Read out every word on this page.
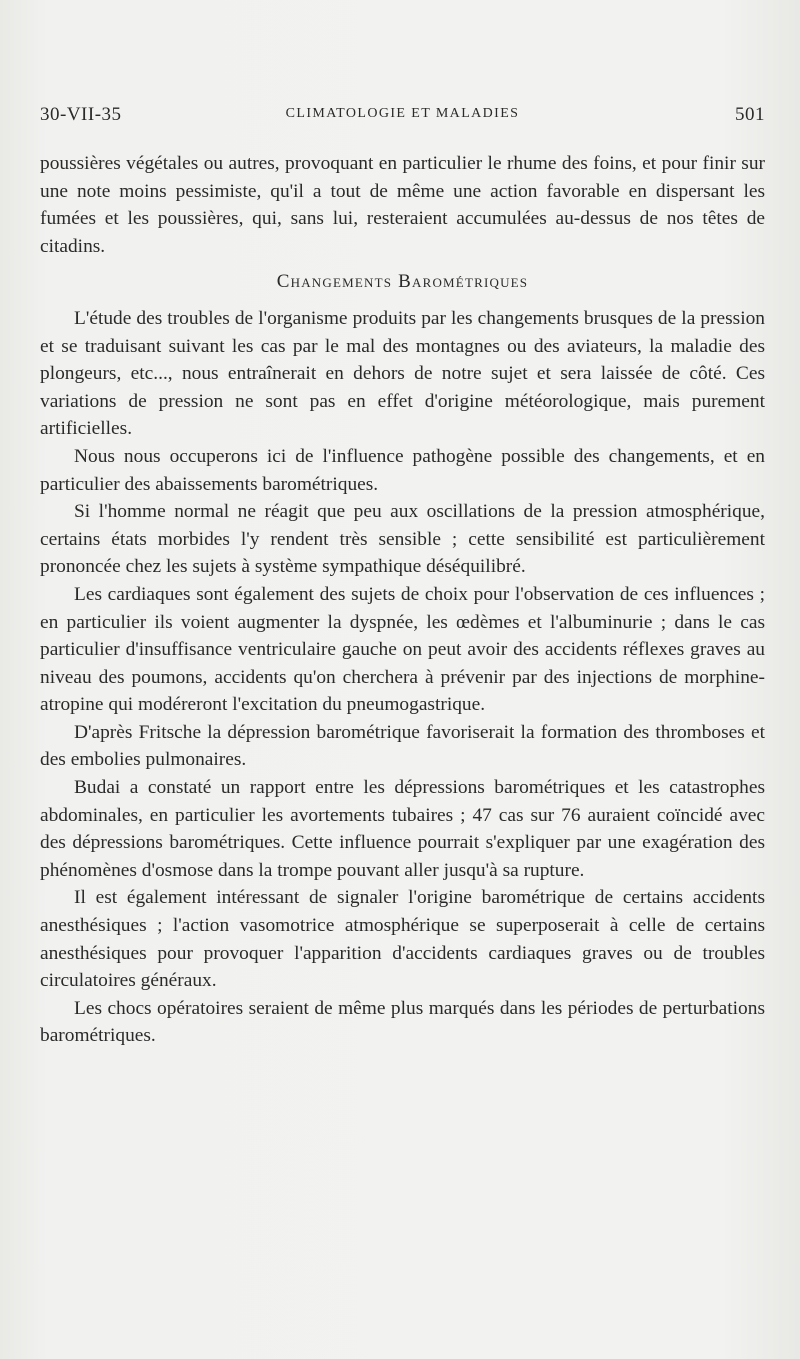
30-VII-35	CLIMATOLOGIE ET MALADIES	501

poussières végétales ou autres, provoquant en particulier le rhume des foins, et pour finir sur une note moins pessimiste, qu'il a tout de même une action favorable en dispersant les fumées et les poussières, qui, sans lui, resteraient accumulées au-dessus de nos têtes de citadins.

Changements Barométriques

L'étude des troubles de l'organisme produits par les changements brusques de la pression et se traduisant suivant les cas par le mal des montagnes ou des aviateurs, la maladie des plongeurs, etc..., nous entraînerait en dehors de notre sujet et sera laissée de côté. Ces variations de pression ne sont pas en effet d'origine météorologique, mais purement artificielles.

Nous nous occuperons ici de l'influence pathogène possible des changements, et en particulier des abaissements barométriques.

Si l'homme normal ne réagit que peu aux oscillations de la pression atmosphérique, certains états morbides l'y rendent très sensible ; cette sensibilité est particulièrement prononcée chez les sujets à système sympathique déséquilibré.

Les cardiaques sont également des sujets de choix pour l'observation de ces influences ; en particulier ils voient augmenter la dyspnée, les œdèmes et l'albuminurie ; dans le cas particulier d'insuffisance ventriculaire gauche on peut avoir des accidents réflexes graves au niveau des poumons, accidents qu'on cherchera à prévenir par des injections de morphine-atropine qui modéreront l'excitation du pneumogastrique.

D'après Fritsche la dépression barométrique favoriserait la formation des thromboses et des embolies pulmonaires.

Budai a constaté un rapport entre les dépressions barométriques et les catastrophes abdominales, en particulier les avortements tubaires ; 47 cas sur 76 auraient coïncidé avec des dépressions barométriques. Cette influence pourrait s'expliquer par une exagération des phénomènes d'osmose dans la trompe pouvant aller jusqu'à sa rupture.

Il est également intéressant de signaler l'origine barométrique de certains accidents anesthésiques ; l'action vasomotrice atmosphérique se superposerait à celle de certains anesthésiques pour provoquer l'apparition d'accidents cardiaques graves ou de troubles circulatoires généraux.

Les chocs opératoires seraient de même plus marqués dans les périodes de perturbations barométriques.
